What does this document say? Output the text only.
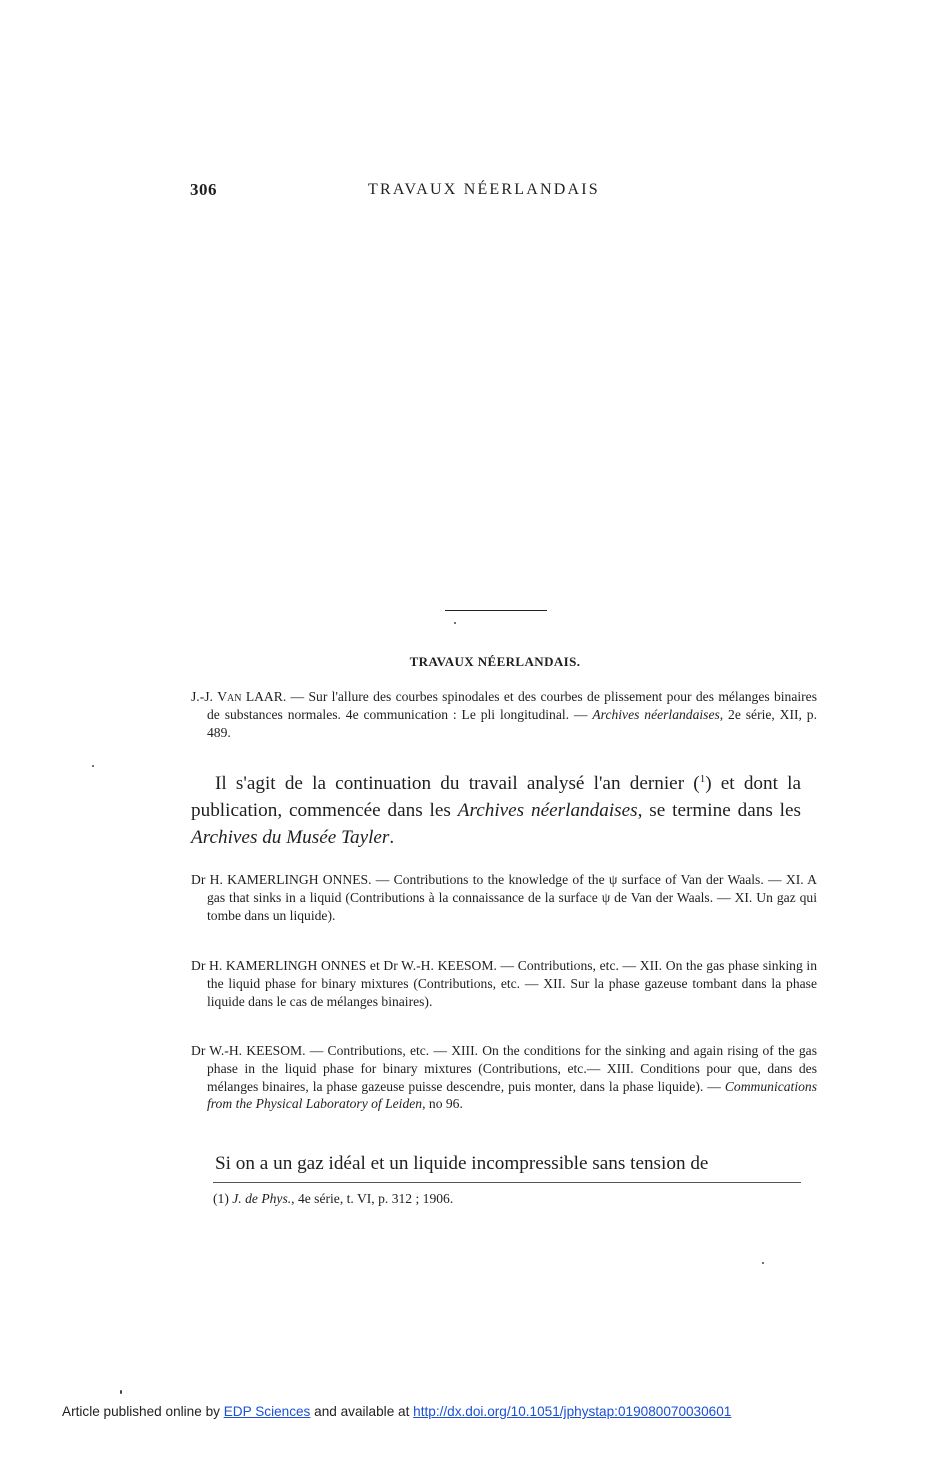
306	TRAVAUX NÉERLANDAIS
TRAVAUX NÉERLANDAIS.
J.-J. Van LAAR. — Sur l'allure des courbes spinodales et des courbes de plissement pour des mélanges binaires de substances normales. 4e communication : Le pli longitudinal. — Archives néerlandaises, 2e série, XII, p. 489.
Il s'agit de la continuation du travail analysé l'an dernier ($^1$) et dont la publication, commencée dans les Archives néerlandaises, se termine dans les Archives du Musée Tayler.
Dr H. KAMERLINGH ONNES. — Contributions to the knowledge of the ψ surface of Van der Waals. — XI. A gas that sinks in a liquid (Contributions à la connaissance de la surface ψ de Van der Waals. — XI. Un gaz qui tombe dans un liquide).
Dr H. KAMERLINGH ONNES et Dr W.-H. KEESOM. — Contributions, etc. — XII. On the gas phase sinking in the liquid phase for binary mixtures (Contributions, etc. — XII. Sur la phase gazeuse tombant dans la phase liquide dans le cas de mélanges binaires).
Dr W.-H. KEESOM. — Contributions, etc. — XIII. On the conditions for the sinking and again rising of the gas phase in the liquid phase for binary mixtures (Contributions, etc.— XIII. Conditions pour que, dans des mélanges binaires, la phase gazeuse puisse descendre, puis monter, dans la phase liquide). — Communications from the Physical Laboratory of Leiden, no 96.
Si on a un gaz idéal et un liquide incompressible sans tension de
(1) J. de Phys., 4e série, t. VI, p. 312 ; 1906.
Article published online by EDP Sciences and available at http://dx.doi.org/10.1051/jphystap:019080070030601
